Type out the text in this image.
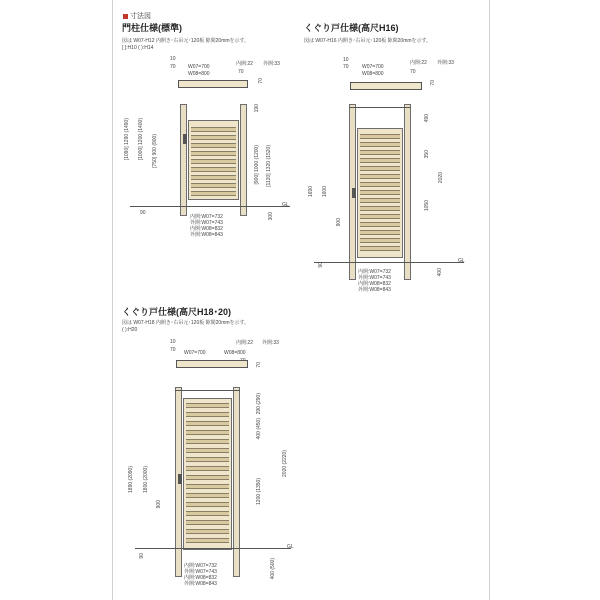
寸法図
門柱仕様(標準)
図は W07-H12 内開き･右吊元･120板 隙間20mmを示す。
[ ]:H10 ( ):H14
10
70 W07=700
W08=800
内開:22 外開:33
70
70
GL
[1090] 1290 (1490) [1000] 1200 (1400) [750] 900 (900)
90
190
[900] 1000 (1200) [1120] 1320 (1520)
300
内開:W07=732
外開:W07=743
内開:W08=832
外開:W08=843
くぐり戸仕様(高尺H16)
図は W07-H16 内開き･右吊元･120板 隙間20mmを示す。
10
70	W07=700
W08=800
内開:22 外開:33
70
70
GL
1690 1600
900
90
490
350
1050
2020
400
内開:W07=732
外開:W07=743
内開:W08=832
外開:W08=843
くぐり戸仕様(高尺H18･20)
図は W07-H18 内開き･右吊元･120板 隙間20mmを示す。
( ):H20
10
70 W07=700	W08=800
内開:22 外開:33
70
GL
1890 (2090) 1800 (2000)
900
90
290 (290)
400 (450)
1200 (1350)
2020 (2220)
400 (500)
内開:W07=732
外開:W07=743
内開:W08=832
外開:W08=843
